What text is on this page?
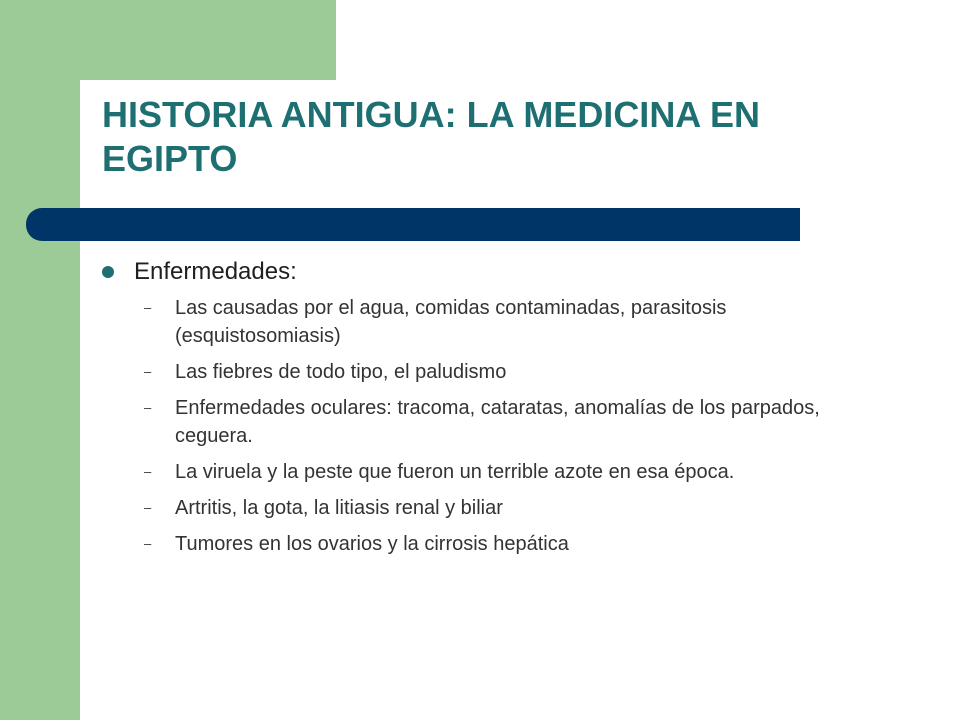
HISTORIA ANTIGUA: LA MEDICINA EN EGIPTO
Enfermedades:
– Las causadas por el agua, comidas contaminadas, parasitosis (esquistosomiasis)
– Las fiebres de todo tipo, el paludismo
– Enfermedades oculares: tracoma, cataratas, anomalías de los parpados, ceguera.
– La viruela y la peste que fueron un terrible azote en esa época.
– Artritis, la gota, la litiasis renal y biliar
– Tumores en los ovarios y la cirrosis hepática
